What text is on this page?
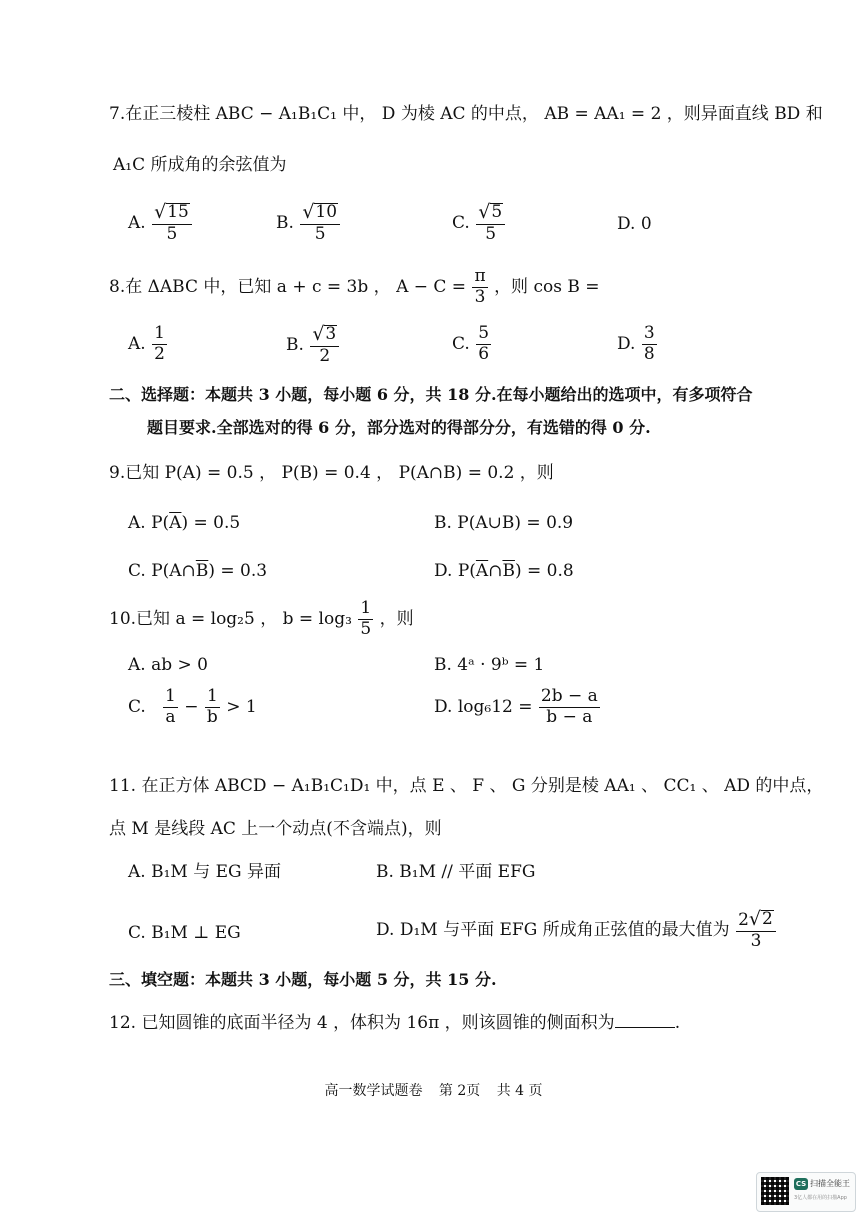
7.在正三棱柱 ABC − A₁B₁C₁ 中， D 为棱 AC 的中点， AB = AA₁ = 2 ，则异面直线 BD 和
A₁C 所成角的余弦值为
A. $\frac{√ 15}{5}$	B. $\frac{√ 10}{5}$	C. $\frac{√ 5}{5}$	D. 0
8.在 ΔABC 中，已知 a + c = 3b ， $A - C = \frac{\pi}{3}$ ，则 cos B =
A. $\frac{1}{2}$	B. $\frac{√ 3}{2}$	C. $\frac{5}{6}$	D. $\frac{3}{8}$
二、选择题：本题共 3 小题，每小题 6 分，共 18 分.在每小题给出的选项中，有多项符合
题目要求.全部选对的得 6 分，部分选对的得部分分，有选错的得 0 分.
9.已知 P(A) = 0.5 ， P(B) = 0.4 ， P(A∩B) = 0.2 ，则
A. $P(\overline{A}) = 0.5$	B. P(A∪B) = 0.9
C. $P(A\cap\overline{B}) = 0.3$	D. $P(\overline{A}\cap\overline{B}) = 0.8$
10.已知 a = log₂5 ， $b = \log_3 \frac{1}{5}$ ，则
A. ab > 0	B. 4ᵃ · 9ᵇ = 1
C. $\frac{1}{a} - \frac{1}{b} > 1$	D. $\log_612 = \frac{2b - a}{b - a}$
11. 在正方体 ABCD − A₁B₁C₁D₁ 中，点 E 、 F 、 G 分别是棱 AA₁ 、 CC₁ 、 AD 的中点，
点 M 是线段 AC 上一个动点(不含端点)，则
A. B₁M 与 EG 异面	B. B₁M // 平面 EFG
C. B₁M ⊥ EG	D. D₁M 与平面 EFG 所成角正弦值的最大值为 $\frac{2 √ 2}{3}$
三、填空题：本题共 3 小题，每小题 5 分，共 15 分.
12. 已知圆锥的底面半径为 4 ，体积为 16π ，则该圆锥的侧面积为	.
高一数学试题卷 第 2页 共 4 页
CS 扫描全能王
3亿人都在用的扫描App
